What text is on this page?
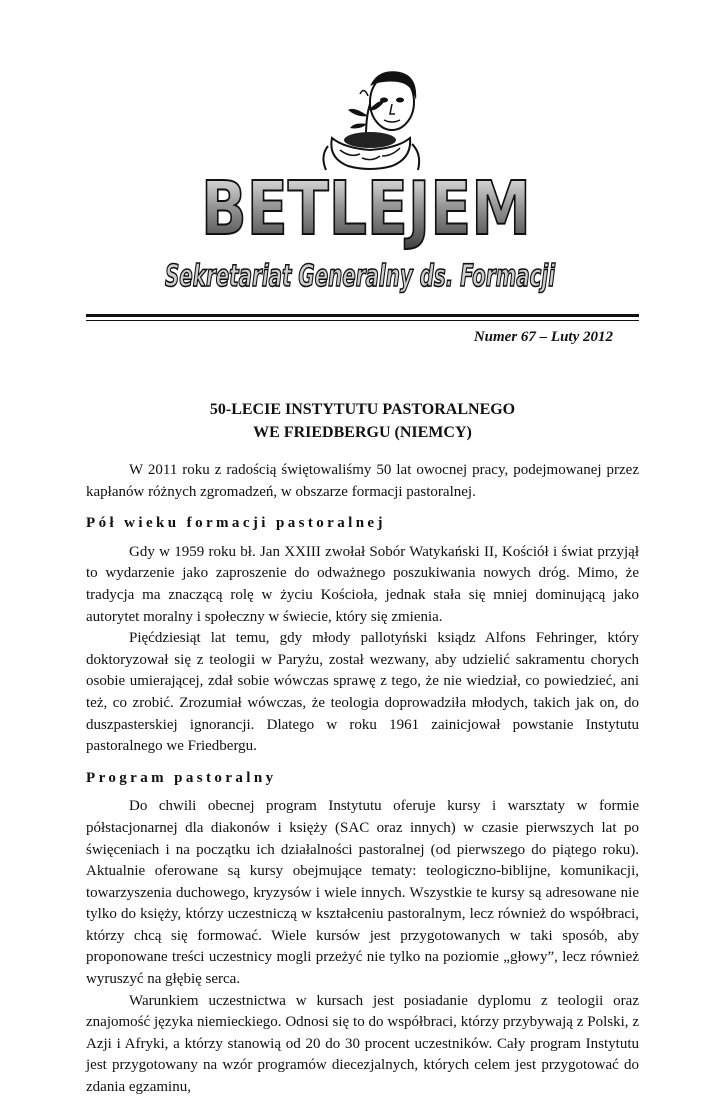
BETLEJEM
Sekretariat Generalny ds. Formacji
Numer 67 – Luty 2012
50-LECIE INSTYTUTU PASTORALNEGO
WE FRIEDBERGU (NIEMCY)

W 2011 roku z radością świętowaliśmy 50 lat owocnej pracy, podejmowanej przez kapłanów różnych zgromadzeń, w obszarze formacji pastoralnej.

Pół wieku formacji pastoralnej

Gdy w 1959 roku bł. Jan XXIII zwołał Sobór Watykański II, Kościół i świat przyjął to wydarzenie jako zaproszenie do odważnego poszukiwania nowych dróg. Mimo, że tradycja ma znaczącą rolę w życiu Kościoła, jednak stała się mniej dominującą jako autorytet moralny i społeczny w świecie, który się zmienia.

Pięćdziesiąt lat temu, gdy młody pallotyński ksiądz Alfons Fehringer, który doktoryzował się z teologii w Paryżu, został wezwany, aby udzielić sakramentu chorych osobie umierającej, zdał sobie wówczas sprawę z tego, że nie wiedział, co powiedzieć, ani też, co zrobić. Zrozumiał wówczas, że teologia doprowadziła młodych, takich jak on, do duszpasterskiej ignorancji. Dlatego w roku 1961 zainicjował powstanie Instytutu pastoralnego we Friedbergu.

Program pastoralny

Do chwili obecnej program Instytutu oferuje kursy i warsztaty w formie półstacjonarnej dla diakonów i księży (SAC oraz innych) w czasie pierwszych lat po święceniach i na początku ich działalności pastoralnej (od pierwszego do piątego roku). Aktualnie oferowane są kursy obejmujące tematy: teologiczno-biblijne, komunikacji, towarzyszenia duchowego, kryzysów i wiele innych. Wszystkie te kursy są adresowane nie tylko do księży, którzy uczestniczą w kształceniu pastoralnym, lecz również do współbraci, którzy chcą się formować. Wiele kursów jest przygotowanych w taki sposób, aby proponowane treści uczestnicy mogli przeżyć nie tylko na poziomie „głowy”, lecz również wyruszyć na głębię serca.

Warunkiem uczestnictwa w kursach jest posiadanie dyplomu z teologii oraz znajomość języka niemieckiego. Odnosi się to do współbraci, którzy przybywają z Polski, z Azji i Afryki, a którzy stanowią od 20 do 30 procent uczestników. Cały program Instytutu jest przygotowany na wzór programów diecezjalnych, których celem jest przygotować do zdania egzaminu,
